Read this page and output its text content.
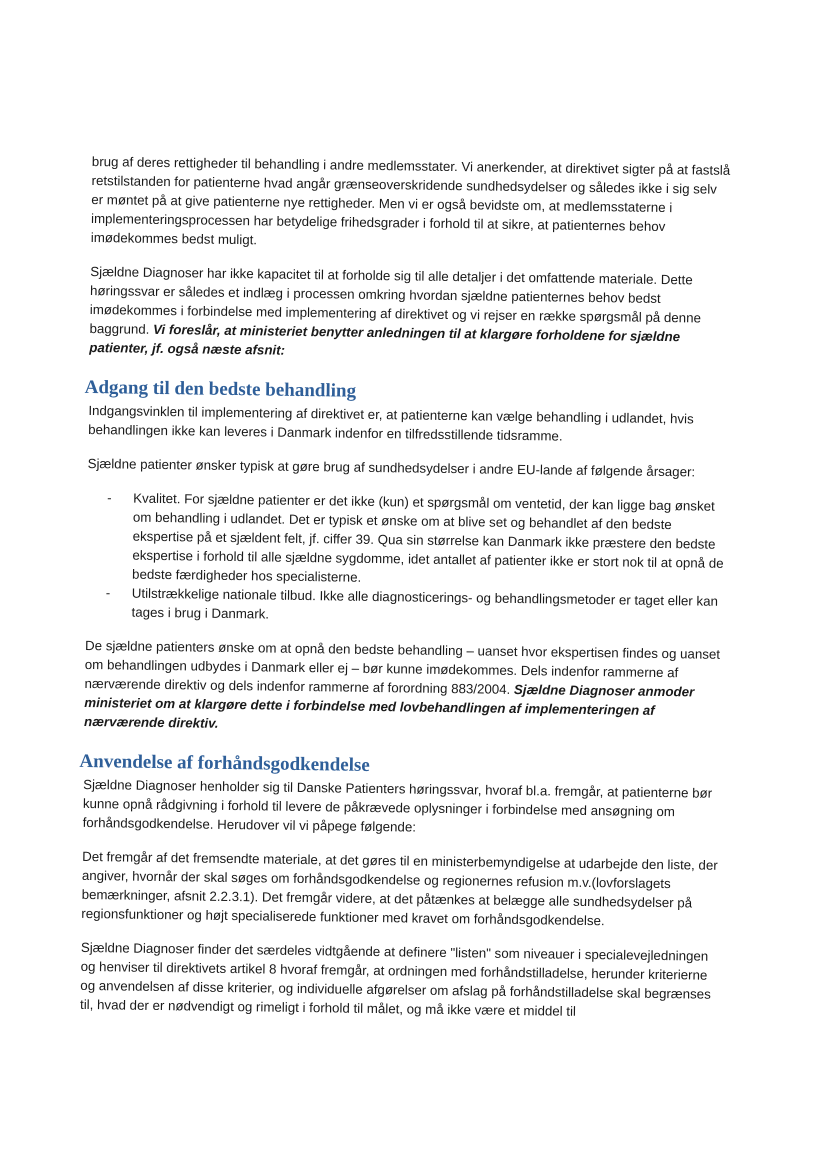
brug af deres rettigheder til behandling i andre medlemsstater. Vi anerkender, at direktivet sigter på at fastslå retstilstanden for patienterne hvad angår grænseoverskridende sundhedsydelser og således ikke i sig selv er møntet på at give patienterne nye rettigheder. Men vi er også bevidste om, at medlemsstaterne i implementeringsprocessen har betydelige frihedsgrader i forhold til at sikre, at patienternes behov imødekommes bedst muligt.

Sjældne Diagnoser har ikke kapacitet til at forholde sig til alle detaljer i det omfattende materiale. Dette høringssvar er således et indlæg i processen omkring hvordan sjældne patienternes behov bedst imødekommes i forbindelse med implementering af direktivet og vi rejser en række spørgsmål på denne baggrund. Vi foreslår, at ministeriet benytter anledningen til at klargøre forholdene for sjældne patienter, jf. også næste afsnit:

Adgang til den bedste behandling

Indgangsvinklen til implementering af direktivet er, at patienterne kan vælge behandling i udlandet, hvis behandlingen ikke kan leveres i Danmark indenfor en tilfredsstillende tidsramme.

Sjældne patienter ønsker typisk at gøre brug af sundhedsydelser i andre EU-lande af følgende årsager:

- Kvalitet. For sjældne patienter er det ikke (kun) et spørgsmål om ventetid, der kan ligge bag ønsket om behandling i udlandet. Det er typisk et ønske om at blive set og behandlet af den bedste ekspertise på et sjældent felt, jf. ciffer 39. Qua sin størrelse kan Danmark ikke præstere den bedste ekspertise i forhold til alle sjældne sygdomme, idet antallet af patienter ikke er stort nok til at opnå de bedste færdigheder hos specialisterne.
- Utilstrækkelige nationale tilbud. Ikke alle diagnosticerings- og behandlingsmetoder er taget eller kan tages i brug i Danmark.

De sjældne patienters ønske om at opnå den bedste behandling – uanset hvor ekspertisen findes og uanset om behandlingen udbydes i Danmark eller ej – bør kunne imødekommes. Dels indenfor rammerne af nærværende direktiv og dels indenfor rammerne af forordning 883/2004. Sjældne Diagnoser anmoder ministeriet om at klargøre dette i forbindelse med lovbehandlingen af implementeringen af nærværende direktiv.

Anvendelse af forhåndsgodkendelse

Sjældne Diagnoser henholder sig til Danske Patienters høringssvar, hvoraf bl.a. fremgår, at patienterne bør kunne opnå rådgivning i forhold til levere de påkrævede oplysninger i forbindelse med ansøgning om forhåndsgodkendelse. Herudover vil vi påpege følgende:

Det fremgår af det fremsendte materiale, at det gøres til en ministerbemyndigelse at udarbejde den liste, der angiver, hvornår der skal søges om forhåndsgodkendelse og regionernes refusion m.v.(lovforslagets bemærkninger, afsnit 2.2.3.1). Det fremgår videre, at det påtænkes at belægge alle sundhedsydelser på regionsfunktioner og højt specialiserede funktioner med kravet om forhåndsgodkendelse.

Sjældne Diagnoser finder det særdeles vidtgående at definere "listen" som niveauer i specialevejledningen og henviser til direktivets artikel 8 hvoraf fremgår, at ordningen med forhåndstilladelse, herunder kriterierne og anvendelsen af disse kriterier, og individuelle afgørelser om afslag på forhåndstilladelse skal begrænses til, hvad der er nødvendigt og rimeligt i forhold til målet, og må ikke være et middel til
